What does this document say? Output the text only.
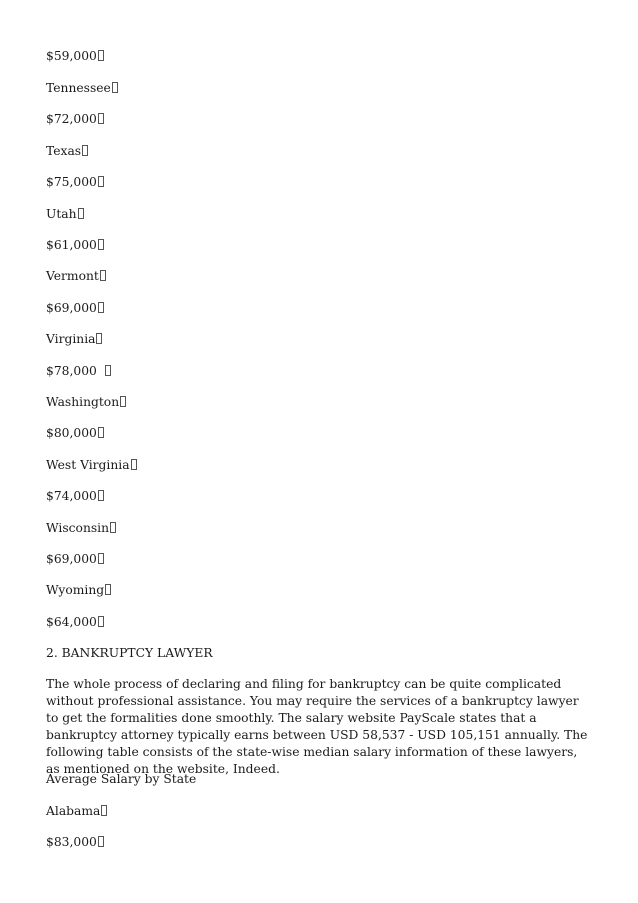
$59,000
Tennessee
$72,000
Texas
$75,000
Utah
$61,000
Vermont
$69,000
Virginia
$78,000
Washington
$80,000
West Virginia
$74,000
Wisconsin
$69,000
Wyoming
$64,000
2. BANKRUPTCY LAWYER
The whole process of declaring and filing for bankruptcy can be quite complicated without professional assistance. You may require the services of a bankruptcy lawyer to get the formalities done smoothly. The salary website PayScale states that a bankruptcy attorney typically earns between USD 58,537 - USD 105,151 annually. The following table consists of the state-wise median salary information of these lawyers, as mentioned on the website, Indeed.
Average Salary by State
Alabama
$83,000
